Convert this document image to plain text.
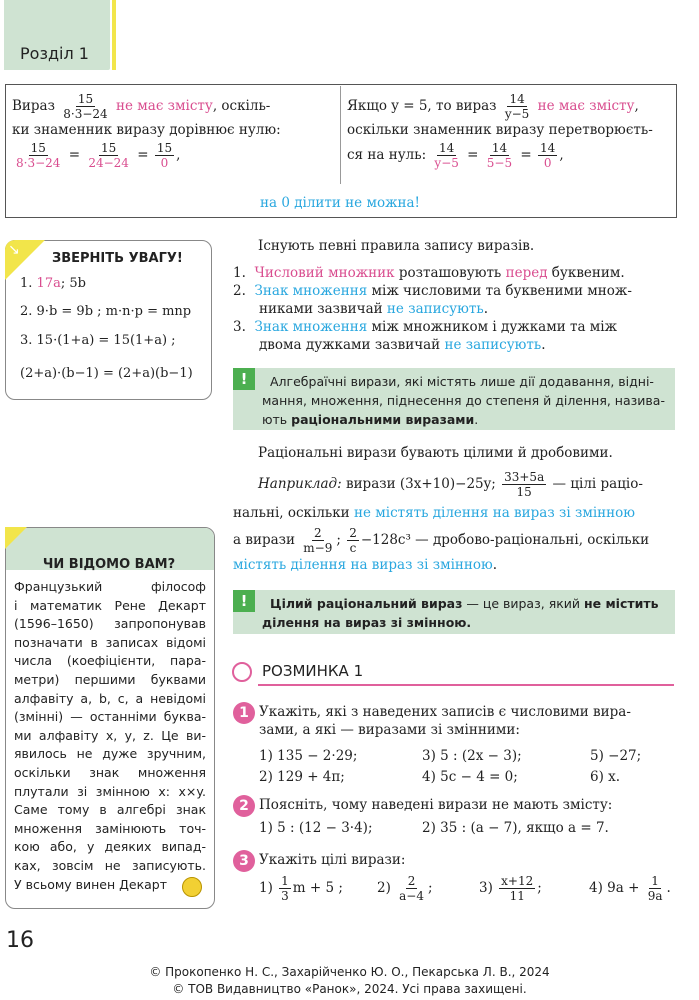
Розділ 1
Вираз $\frac{15}{8\cdot 3-24}$ не має змісту, оскіль-
ки знаменник виразу дорівнює нулю:
$\frac{15}{8\cdot 3-24} = \frac{15}{24-24} = \frac{15}{0}$ ,
Якщо y = 5, то вираз $\frac{14}{y-5}$ не має змісту,
оскільки знаменник виразу перетворюєть-
ся на нуль: $\frac{14}{y-5} = \frac{14}{5-5} = \frac{14}{0}$ ,
на 0 ділити не можна!
↘
ЗВЕРНІТЬ УВАГУ!
1. 17a; 5b
2. 9·b = 9b ; m·n·p = mnp
3. 15·(1+a) = 15(1+a) ;
(2+a)·(b−1) = (2+a)(b−1)
Існують певні правила запису виразів.
1. Числовий множник розташовують перед буквеним.
2. Знак множення між числовими та буквеними множ-
никами зазвичай не записують.
3. Знак множення між множником і дужками та між
двома дужками зазвичай не записують.
!	Алгебраїчні вирази, які містять лише дії додавання, відні-
мання, множення, піднесення до степеня й ділення, назива-
ють раціональними виразами.
Раціональні вирази бувають цілими й дробовими.
Наприклад: вирази (3x+10)−25y; $\frac{33+5a}{15}$ — цілі раціо-
нальні, оскільки не містять ділення на вираз зі змінною
а вирази $\frac{2}{m-9}$ ; $\frac{2}{c} -128c^3$ — дробово-раціональні, оскільки
містять ділення на вираз зі змінною.
!	Цілий раціональний вираз — це вираз, який не містить
ділення на вираз зі змінною.
ЧИ ВІДОМО ВАМ?
Французький філософ
і математик Рене Декарт
(1596–1650) запропонував
позначати в записах відомі
числа (коефіцієнти, пара-
метри) першими буквами
алфавіту a, b, c, а невідомі
(змінні) — останніми буква-
ми алфавіту x, y, z. Це ви-
явилось не дуже зручним,
оскільки знак множення
плутали зі змінною x: x×y.
Саме тому в алгебрі знак
множення замінюють точ-
кою або, у деяких випад-
ках, зовсім не записують.
У всьому винен Декарт
РОЗМИНКА 1
1 Укажіть, які з наведених записів є числовими вира-
зами, а які — виразами зі змінними:
1) 135 − 2·29;	3) 5 : (2x − 3);	5) −27;
2) 129 + 4π;	4) 5c − 4 = 0;	6) x.
2 Поясніть, чому наведені вирази не мають змісту:
1) 5 : (12 − 3·4);	2) 35 : (a − 7), якщо a = 7.
3 Укажіть цілі вирази:
$1) \frac{1}{3}$ m + 5 ;	$2) \frac{2}{a-4}$ ;	$3) \frac{x+12}{11}$ ;	4) $9a + \frac{1}{9a}$ .
16
© Прокопенко Н. С., Захарійченко Ю. О., Пекарська Л. В., 2024
© ТОВ Видавництво «Ранок», 2024. Усі права захищені.
